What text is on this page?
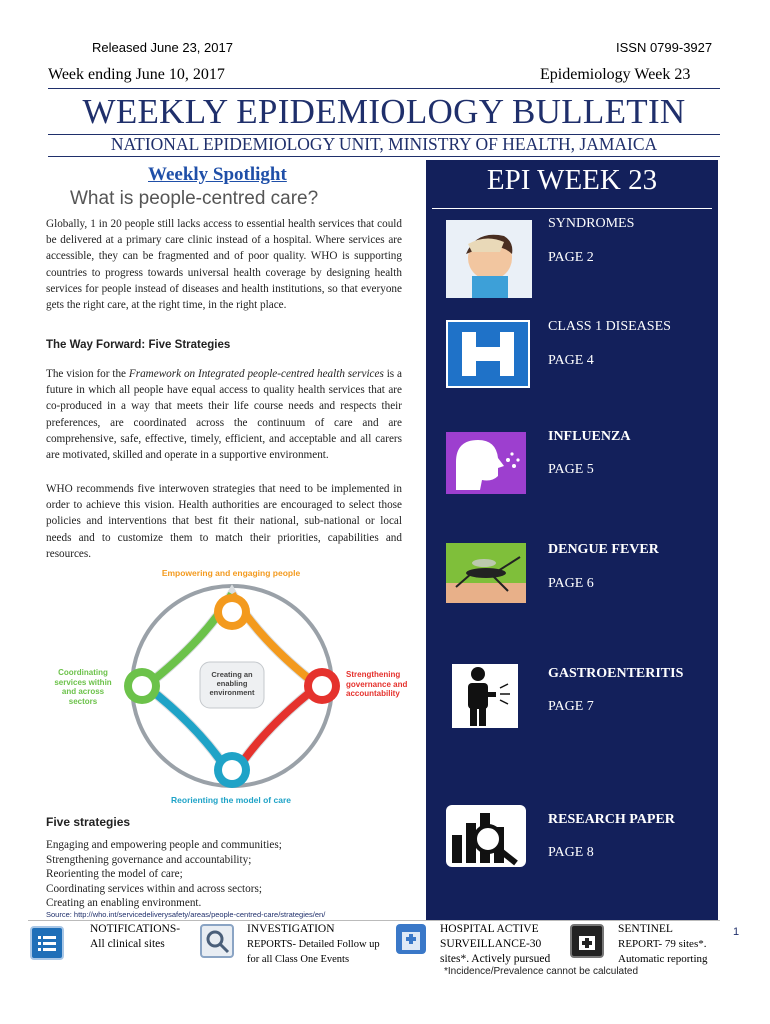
Released June 23, 2017	ISSN 0799-3927
Week ending June 10, 2017	Epidemiology Week 23
WEEKLY EPIDEMIOLOGY BULLETIN
NATIONAL EPIDEMIOLOGY UNIT, MINISTRY OF HEALTH, JAMAICA
Weekly Spotlight
What is people-centred care?
Globally, 1 in 20 people still lacks access to essential health services that could be delivered at a primary care clinic instead of a hospital. Where services are accessible, they can be fragmented and of poor quality. WHO is supporting countries to progress towards universal health coverage by designing health services for people instead of diseases and health institutions, so that everyone gets the right care, at the right time, in the right place.
The Way Forward: Five Strategies
The vision for the Framework on Integrated people-centred health services is a future in which all people have equal access to quality health services that are co-produced in a way that meets their life course needs and respects their preferences, are coordinated across the continuum of care and are comprehensive, safe, effective, timely, efficient, and acceptable and all carers are motivated, skilled and operate in a supportive environment.
WHO recommends five interwoven strategies that need to be implemented in order to achieve this vision. Health authorities are encouraged to select those policies and interventions that best fit their national, sub-national or local needs and to customize them to match their priorities, capabilities and resources.
Empowering and engaging people
Coordinating services within and across sectors
Creating an enabling environment
Strengthening governance and accountability
Reorienting the model of care
Five strategies
Engaging and empowering people and communities;
Strengthening governance and accountability;
Reorienting the model of care;
Coordinating services within and across sectors;
Creating an enabling environment.
Source: http://who.int/servicedeliverysafety/areas/people-centred-care/strategies/en/
EPI WEEK 23
SYNDROMES
PAGE 2
CLASS 1 DISEASES
PAGE 4
INFLUENZA
PAGE 5
DENGUE FEVER
PAGE 6
GASTROENTERITIS
PAGE 7
RESEARCH PAPER
PAGE 8
NOTIFICATIONS-
All clinical sites
INVESTIGATION
REPORTS- Detailed Follow up for all Class One Events
HOSPITAL ACTIVE
SURVEILLANCE-30 sites*. Actively pursued
SENTINEL
REPORT- 79 sites*. Automatic reporting
1
*Incidence/Prevalence cannot be calculated
